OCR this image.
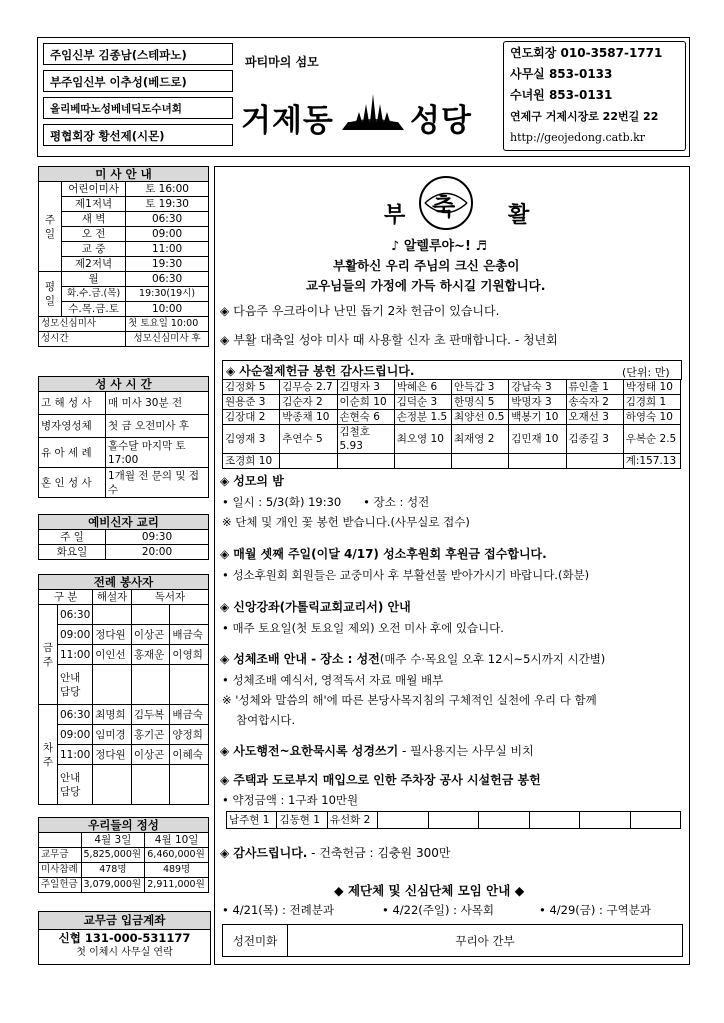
주임신부 김종남(스테파노)
부주임신부 이추성(베드로)
올리베따노성베네딕도수녀회
평협회장 황선제(시몬)
파티마의 섬모
거제동 성당
연도회장 010-3587-1771
사무실 853-0133
수녀원 853-0131
연제구 거제시장로 22번길 22
http://geojedong.catb.kr
미 사 안 내		
주일	어린이미사	토 16:00
	제1저녁	토 19:30
	새 벽	06:30
	오 전	09:00
	교 중	11:00
	제2저녁	19:30
평일	월	06:30
	화.수.금.(목)	19:30(19시)
	수.목.금.토	10:00
성모신심미사		첫 토요일 10:00
성시간		성모신심미사 후
성 사 시 간	
고 해 성 사	매 미사 30분 전
병자영성체	첫 금 오전미사 후
유 아 세 례	홀수달 마지막 토 17:00
혼 인 성 사	1개월 전 문의 및 접수
예비신자 교리	
주 일	09:30
화요일	20:00
전례 봉사자				
구 분		해설자	독서자	
금주	06:30			
	09:00	정다원	이상곤	배금숙
	11:00	이인선	홍재운	이영희
	안내 담당			
차주	06:30	최명희	김두복	배금숙
	09:00	임미경	홍기곤	양정희
	11:00	정다원	이상곤	이혜숙
	안내 담당			
우리들의 정성		
	4월 3일	4월 10일
교무금	5,825,000원	6,460,000원
미사참례	478명	489명
주일헌금	3,079,000원	2,911,000원
교무금 입금계좌
신협 131-000-531177
첫 이체시 사무실 연락
부 축 활
♪ 알렐루야~! ♬
부활하신 우리 주님의 크신 은총이
교우님들의 가정에 가득 하시길 기원합니다.
◈ 다음주 우크라이나 난민 돕기 2차 헌금이 있습니다.
◈ 부활 대축일 성야 미사 때 사용할 신자 초 판매합니다. - 청년회
◈ 사순절제헌금 봉헌 감사드립니다.	(단위: 만)
김정화 5	김무승 2.7	김명자 3	박혜은 6	안득갑 3	강남숙 3	류인출 1	박정태 10
원용준 3	김순자 2	이순희 10	김덕순 3	한명식 5	박명자 3	송숙자 2	김경희 1
김장대 2	박종채 10	손현숙 6	손정분 1.5	최양선 0.5	백봉기 10	오재선 3	하영숙 10
김영재 3	추연수 5	김철호 5.93	최오영 10	최재영 2	김민재 10	김종길 3	우복순 2.5
조경희 10							계:157.13
◈ 성모의 밤
• 일시 : 5/3(화) 19:30      • 장소 : 성전
※ 단체 및 개인 꽃 봉헌 받습니다.(사무실로 접수)
◈ 매월 셋째 주일(이달 4/17) 성소후원회 후원금 접수합니다.
• 성소후원회 회원들은 교중미사 후 부활선물 받아가시기 바랍니다.(화분)
◈ 신앙강좌(가톨릭교회교리서) 안내
• 매주 토요일(첫 토요일 제외) 오전 미사 후에 있습니다.
◈ 성체조배 안내 - 장소 : 성전(매주 수·목요일 오후 12시~5시까지 시간별)
• 성체조배 예식서, 영적독서 자료 매월 배부
※ '성체와 말씀의 해'에 따른 본당사목지침의 구체적인 실천에 우리 다 함께
참여합시다.
◈ 사도행전~요한묵시록 성경쓰기 - 필사용지는 사무실 비치
◈ 주택과 도로부지 매입으로 인한 주차장 공사 시설헌금 봉헌
• 약정금액 : 1구좌 10만원
남주현 1	김동현 1	유선화 2						
◈ 감사드립니다. - 건축헌금 : 김충원 300만
◆ 제단체 및 신심단체 모임 안내 ◆
• 4/21(목) : 전례분과	• 4/22(주일) : 사목회	• 4/29(금) : 구역분과
성전미화	꾸리아 간부
